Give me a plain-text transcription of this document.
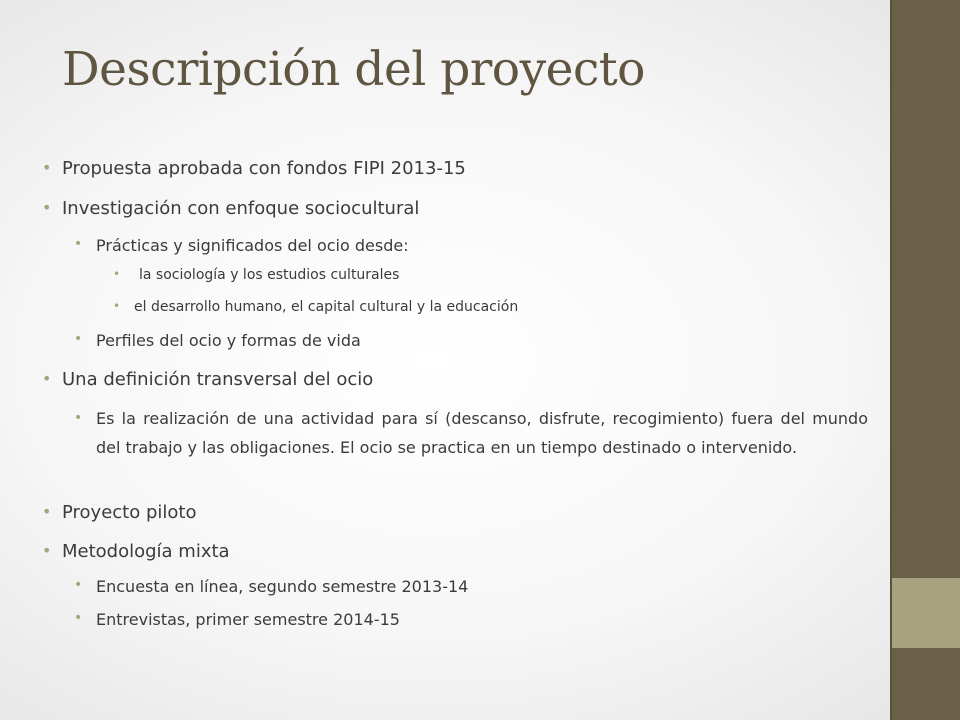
Descripción del proyecto

• Propuesta aprobada con fondos FIPI 2013-15

• Investigación con enfoque sociocultural

• Prácticas y significados del ocio desde:

• la sociología y los estudios culturales

• el desarrollo humano, el capital cultural y la educación

• Perfiles del ocio y formas de vida

• Una definición transversal del ocio

• Es la realización de una actividad para sí (descanso, disfrute, recogimiento) fuera del mundo del trabajo y las obligaciones. El ocio se practica en un tiempo destinado o intervenido.

• Proyecto piloto

• Metodología mixta

• Encuesta en línea, segundo semestre 2013-14

• Entrevistas, primer semestre 2014-15
